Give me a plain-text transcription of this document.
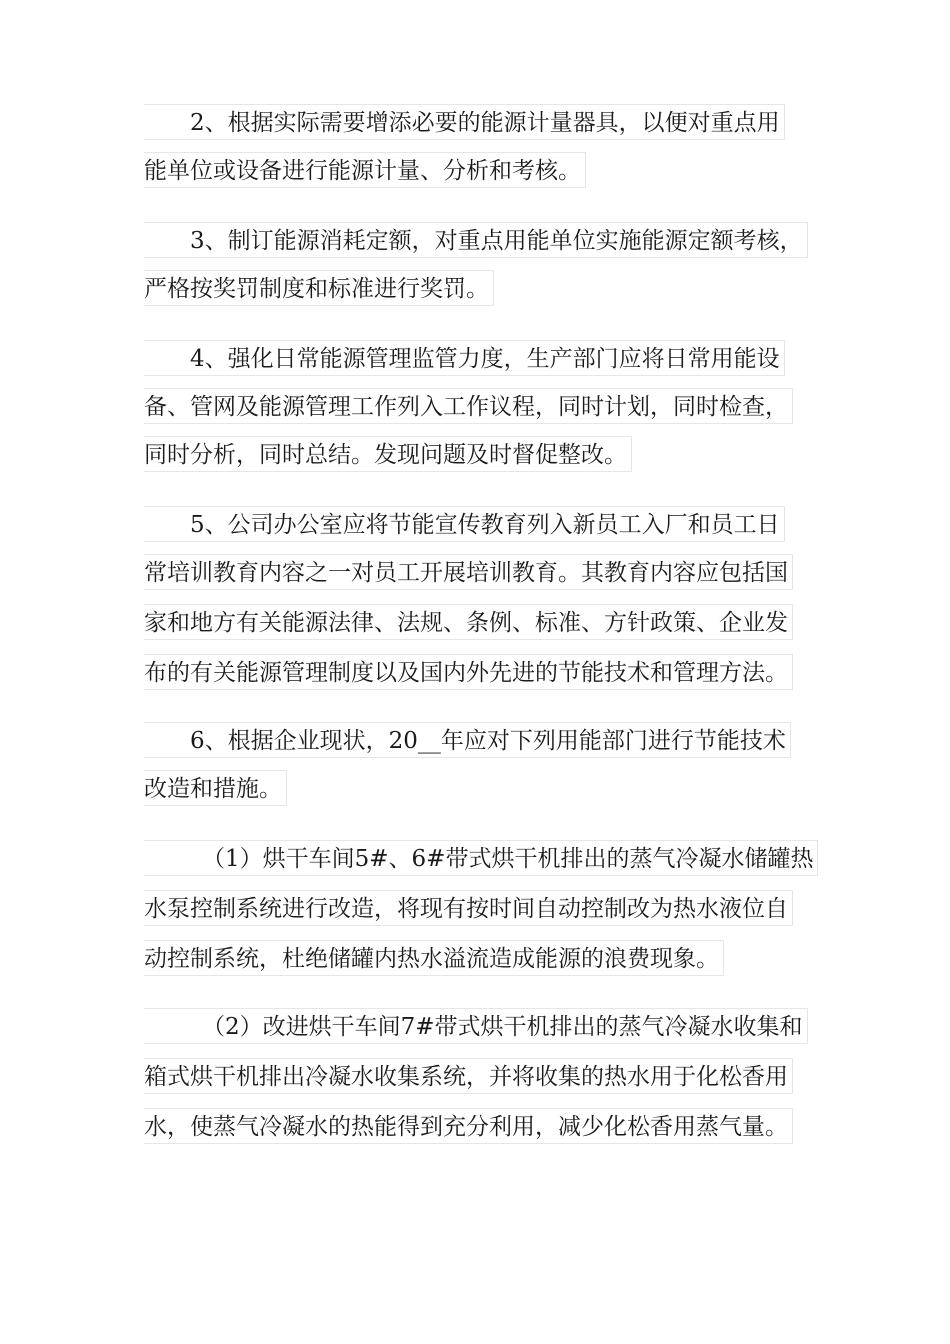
2、根据实际需要增添必要的能源计量器具，以便对重点用
能单位或设备进行能源计量、分析和考核。
3、制订能源消耗定额，对重点用能单位实施能源定额考核，
严格按奖罚制度和标准进行奖罚。
4、强化日常能源管理监管力度，生产部门应将日常用能设
备、管网及能源管理工作列入工作议程，同时计划，同时检查，
同时分析，同时总结。发现问题及时督促整改。
5、公司办公室应将节能宣传教育列入新员工入厂和员工日
常培训教育内容之一对员工开展培训教育。其教育内容应包括国
家和地方有关能源法律、法规、条例、标准、方针政策、企业发
布的有关能源管理制度以及国内外先进的节能技术和管理方法。
6、根据企业现状，20__年应对下列用能部门进行节能技术
改造和措施。
（1）烘干车间5#、6#带式烘干机排出的蒸气冷凝水储罐热
水泵控制系统进行改造，将现有按时间自动控制改为热水液位自
动控制系统，杜绝储罐内热水溢流造成能源的浪费现象。
（2）改进烘干车间7#带式烘干机排出的蒸气冷凝水收集和
箱式烘干机排出冷凝水收集系统，并将收集的热水用于化松香用
水，使蒸气冷凝水的热能得到充分利用，减少化松香用蒸气量。
